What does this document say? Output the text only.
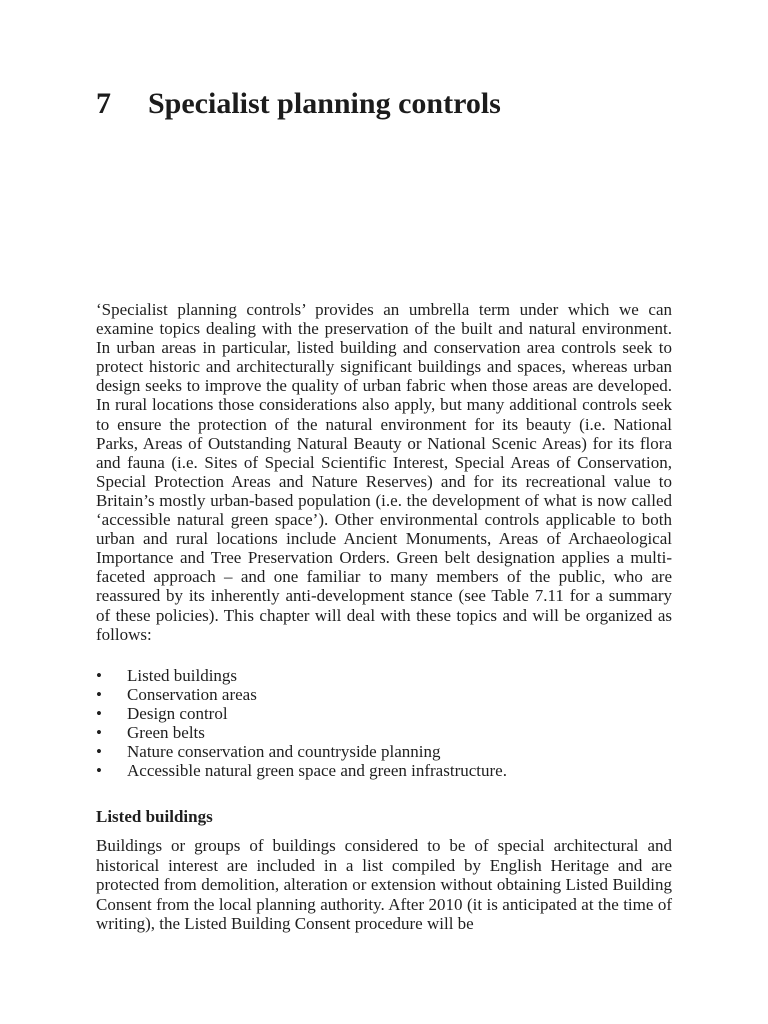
7 Specialist planning controls

‘Specialist planning controls’ provides an umbrella term under which we can examine topics dealing with the preservation of the built and natural environment. In urban areas in particular, listed building and conservation area controls seek to protect historic and architecturally significant buildings and spaces, whereas urban design seeks to improve the quality of urban fabric when those areas are developed. In rural locations those considerations also apply, but many additional controls seek to ensure the protection of the natural environment for its beauty (i.e. National Parks, Areas of Outstanding Natural Beauty or National Scenic Areas) for its flora and fauna (i.e. Sites of Special Scientific Interest, Special Areas of Conservation, Special Protection Areas and Nature Reserves) and for its recreational value to Britain’s mostly urban-based population (i.e. the development of what is now called ‘accessible natural green space’). Other environmental controls applicable to both urban and rural locations include Ancient Monuments, Areas of Archaeological Importance and Tree Preservation Orders. Green belt designation applies a multi-faceted approach – and one familiar to many members of the public, who are reassured by its inherently anti-development stance (see Table 7.11 for a summary of these policies). This chapter will deal with these topics and will be organized as follows:

• Listed buildings
• Conservation areas
• Design control
• Green belts
• Nature conservation and countryside planning
• Accessible natural green space and green infrastructure.
Listed buildings

Buildings or groups of buildings considered to be of special architectural and historical interest are included in a list compiled by English Heritage and are protected from demolition, alteration or extension without obtaining Listed Building Consent from the local planning authority. After 2010 (it is anticipated at the time of writing), the Listed Building Consent procedure will be
